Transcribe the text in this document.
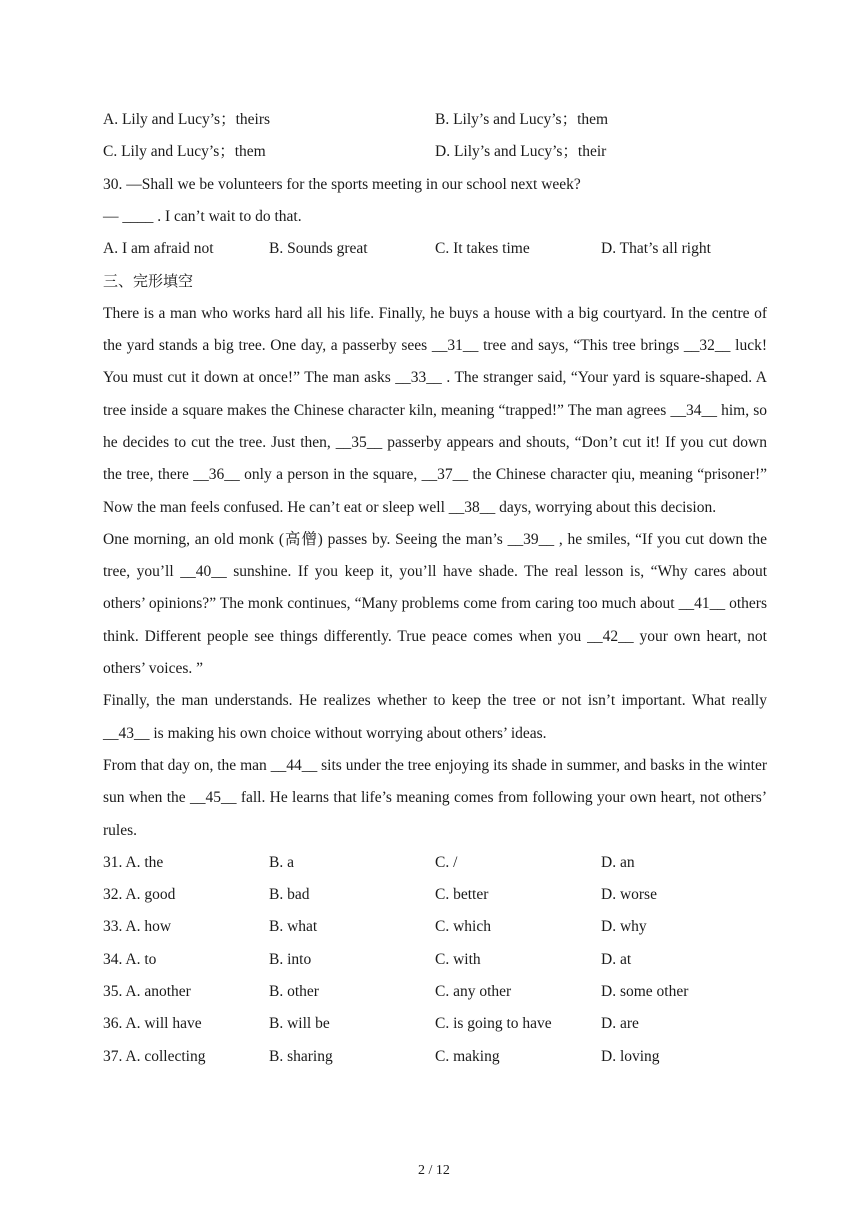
A. Lily and Lucy’s；theirs	B. Lily’s and Lucy’s；them
C. Lily and Lucy’s；them	D. Lily’s and Lucy’s；their
30. —Shall we be volunteers for the sports meeting in our school next week?
— ____ . I can’t wait to do that.
A. I am afraid not	B. Sounds great	C. It takes time	D. That’s all right
三、完形填空

There is a man who works hard all his life. Finally, he buys a house with a big courtyard. In the centre of the yard stands a big tree. One day, a passerby sees __31__ tree and says, “This tree brings __32__ luck! You must cut it down at once!” The man asks __33__ . The stranger said, “Your yard is square-shaped. A tree inside a square makes the Chinese character kiln, meaning “trapped!” The man agrees __34__ him, so he decides to cut the tree. Just then, __35__ passerby appears and shouts, “Don’t cut it! If you cut down the tree, there __36__ only a person in the square, __37__ the Chinese character qiu, meaning “prisoner!” Now the man feels confused. He can’t eat or sleep well __38__ days, worrying about this decision.

One morning, an old monk (高僧) passes by. Seeing the man’s __39__ , he smiles, “If you cut down the tree, you’ll __40__ sunshine. If you keep it, you’ll have shade. The real lesson is, “Why cares about others’ opinions?” The monk continues, “Many problems come from caring too much about __41__ others think. Different people see things differently. True peace comes when you __42__ your own heart, not others’ voices. ”

Finally, the man understands. He realizes whether to keep the tree or not isn’t important. What really __43__ is making his own choice without worrying about others’ ideas.

From that day on, the man __44__ sits under the tree enjoying its shade in summer, and basks in the winter sun when the __45__ fall. He learns that life’s meaning comes from following your own heart, not others’ rules.

31. A. the	B. a	C. /	D. an
32. A. good	B. bad	C. better	D. worse
33. A. how	B. what	C. which	D. why
34. A. to	B. into	C. with	D. at
35. A. another	B. other	C. any other	D. some other
36. A. will have	B. will be	C. is going to have	D. are
37. A. collecting	B. sharing	C. making	D. loving
2 / 12
